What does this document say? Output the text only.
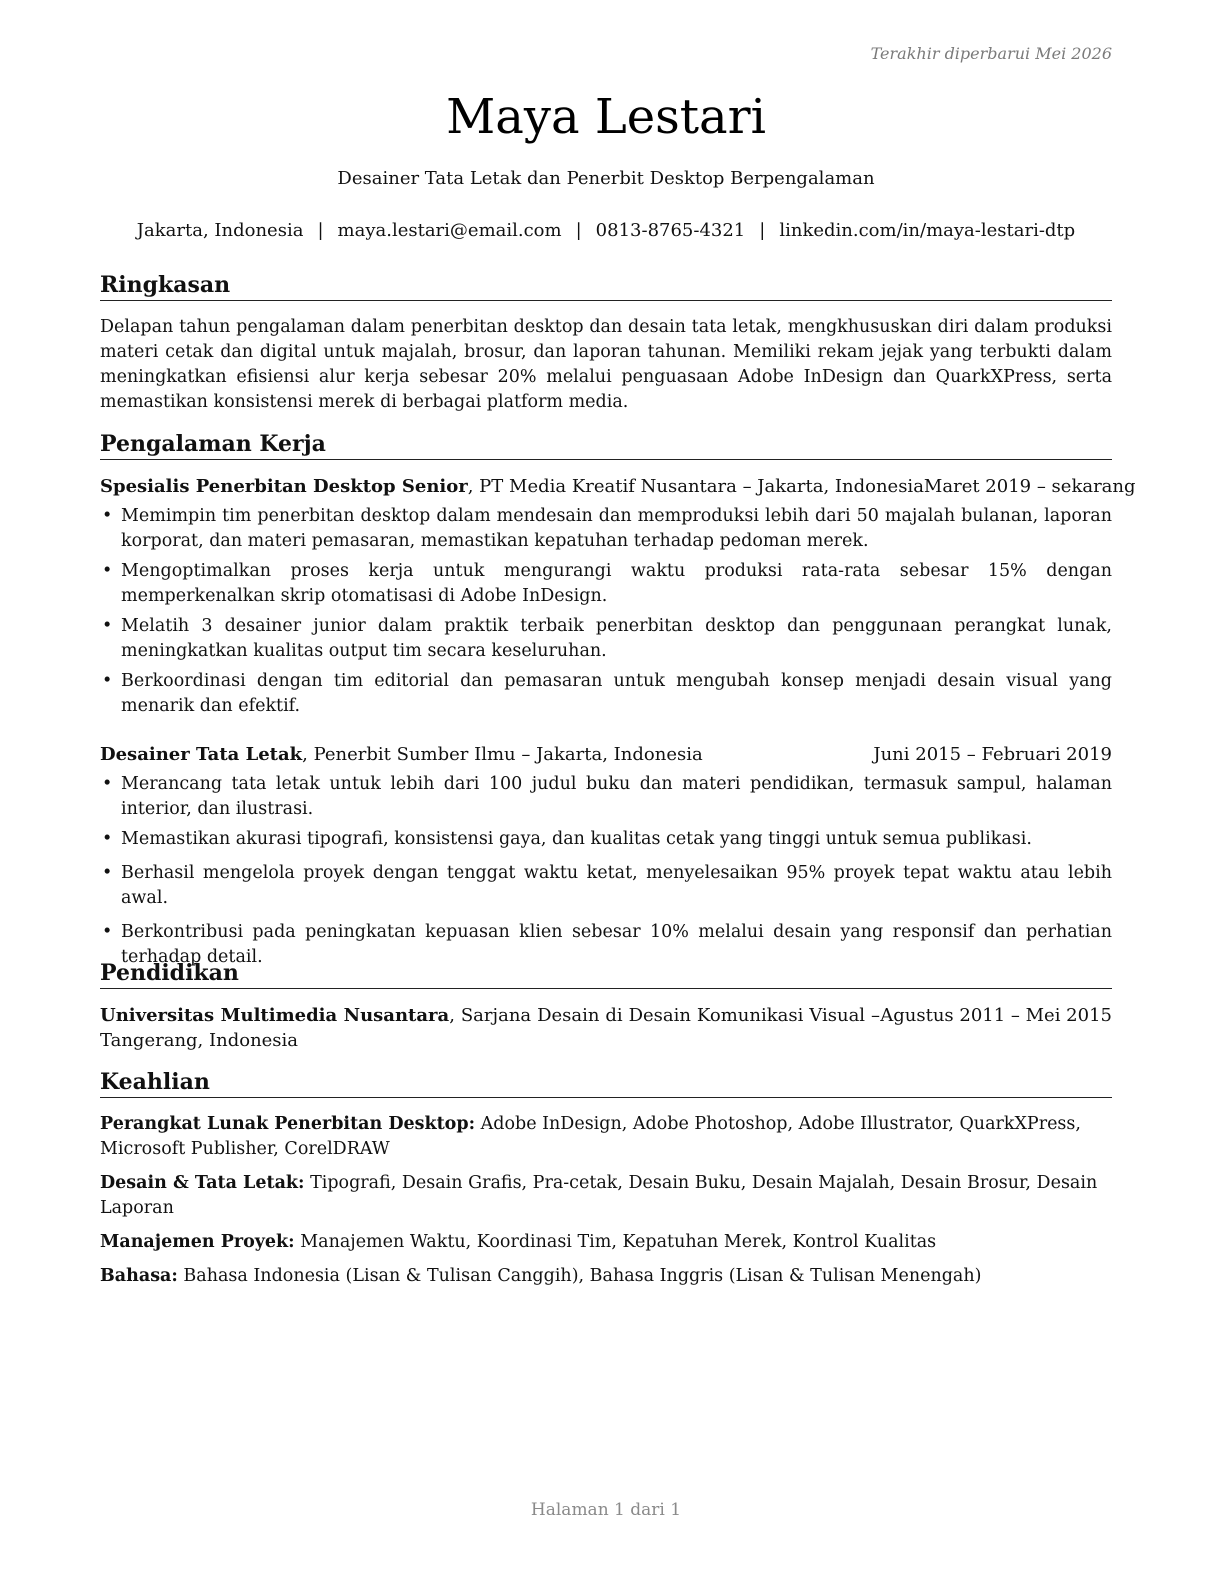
Terakhir diperbarui Mei 2026
Maya Lestari
Desainer Tata Letak dan Penerbit Desktop Berpengalaman
Jakarta, Indonesia | maya.lestari@email.com | 0813-8765-4321 | linkedin.com/in/maya-lestari-dtp
Ringkasan

Delapan tahun pengalaman dalam penerbitan desktop dan desain tata letak, mengkhususkan diri dalam produksi materi cetak dan digital untuk majalah, brosur, dan laporan tahunan. Memiliki rekam jejak yang terbukti dalam meningkatkan efisiensi alur kerja sebesar 20% melalui penguasaan Adobe InDesign dan QuarkXPress, serta memastikan konsistensi merek di berbagai platform media.

Pengalaman Kerja
Spesialis Penerbitan Desktop Senior, PT Media Kreatif Nusantara – Jakarta, Indonesia Maret 2019 – sekarang
• Memimpin tim penerbitan desktop dalam mendesain dan memproduksi lebih dari 50 majalah bulanan, laporan korporat, dan materi pemasaran, memastikan kepatuhan terhadap pedoman merek.
• Mengoptimalkan proses kerja untuk mengurangi waktu produksi rata-rata sebesar 15% dengan memperkenalkan skrip otomatisasi di Adobe InDesign.
• Melatih 3 desainer junior dalam praktik terbaik penerbitan desktop dan penggunaan perangkat lunak, meningkatkan kualitas output tim secara keseluruhan.
• Berkoordinasi dengan tim editorial dan pemasaran untuk mengubah konsep menjadi desain visual yang menarik dan efektif.
Desainer Tata Letak, Penerbit Sumber Ilmu – Jakarta, Indonesia	Juni 2015 – Februari 2019
• Merancang tata letak untuk lebih dari 100 judul buku dan materi pendidikan, termasuk sampul, halaman interior, dan ilustrasi.
• Memastikan akurasi tipografi, konsistensi gaya, dan kualitas cetak yang tinggi untuk semua publikasi.
• Berhasil mengelola proyek dengan tenggat waktu ketat, menyelesaikan 95% proyek tepat waktu atau lebih awal.
• Berkontribusi pada peningkatan kepuasan klien sebesar 10% melalui desain yang responsif dan perhatian terhadap detail.
Pendidikan
Universitas Multimedia Nusantara, Sarjana Desain di Desain Komunikasi Visual – Tangerang, Indonesia
Agustus 2011 – Mei 2015
Keahlian

Perangkat Lunak Penerbitan Desktop: Adobe InDesign, Adobe Photoshop, Adobe Illustrator, QuarkXPress, Microsoft Publisher, CorelDRAW

Desain & Tata Letak: Tipografi, Desain Grafis, Pra-cetak, Desain Buku, Desain Majalah, Desain Brosur, Desain Laporan

Manajemen Proyek: Manajemen Waktu, Koordinasi Tim, Kepatuhan Merek, Kontrol Kualitas

Bahasa: Bahasa Indonesia (Lisan & Tulisan Canggih), Bahasa Inggris (Lisan & Tulisan Menengah)

Halaman 1 dari 1
